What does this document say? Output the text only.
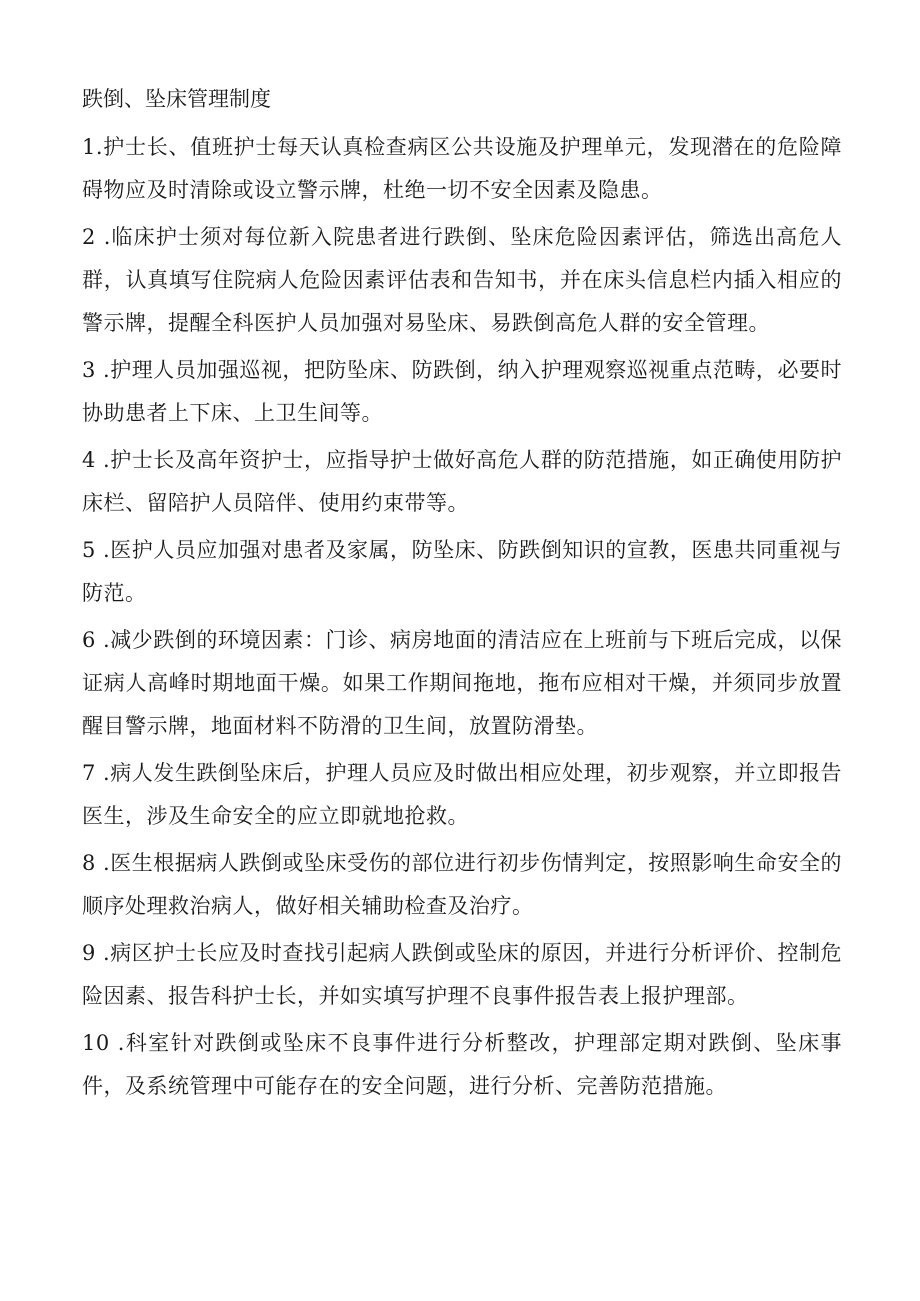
跌倒、坠床管理制度

1.护士长、值班护士每天认真检查病区公共设施及护理单元，发现潜在的危险障碍物应及时清除或设立警示牌，杜绝一切不安全因素及隐患。

2 .临床护士须对每位新入院患者进行跌倒、坠床危险因素评估，筛选出高危人群，认真填写住院病人危险因素评估表和告知书，并在床头信息栏内插入相应的警示牌，提醒全科医护人员加强对易坠床、易跌倒高危人群的安全管理。

3 .护理人员加强巡视，把防坠床、防跌倒，纳入护理观察巡视重点范畴，必要时协助患者上下床、上卫生间等。

4 .护士长及高年资护士，应指导护士做好高危人群的防范措施，如正确使用防护床栏、留陪护人员陪伴、使用约束带等。

5 .医护人员应加强对患者及家属，防坠床、防跌倒知识的宣教，医患共同重视与防范。

6 .减少跌倒的环境因素：门诊、病房地面的清洁应在上班前与下班后完成，以保证病人高峰时期地面干燥。如果工作期间拖地，拖布应相对干燥，并须同步放置醒目警示牌，地面材料不防滑的卫生间，放置防滑垫。

7 .病人发生跌倒坠床后，护理人员应及时做出相应处理，初步观察，并立即报告医生，涉及生命安全的应立即就地抢救。

8 .医生根据病人跌倒或坠床受伤的部位进行初步伤情判定，按照影响生命安全的顺序处理救治病人，做好相关辅助检查及治疗。

9 .病区护士长应及时查找引起病人跌倒或坠床的原因，并进行分析评价、控制危险因素、报告科护士长，并如实填写护理不良事件报告表上报护理部。

10 .科室针对跌倒或坠床不良事件进行分析整改，护理部定期对跌倒、坠床事件，及系统管理中可能存在的安全问题，进行分析、完善防范措施。
